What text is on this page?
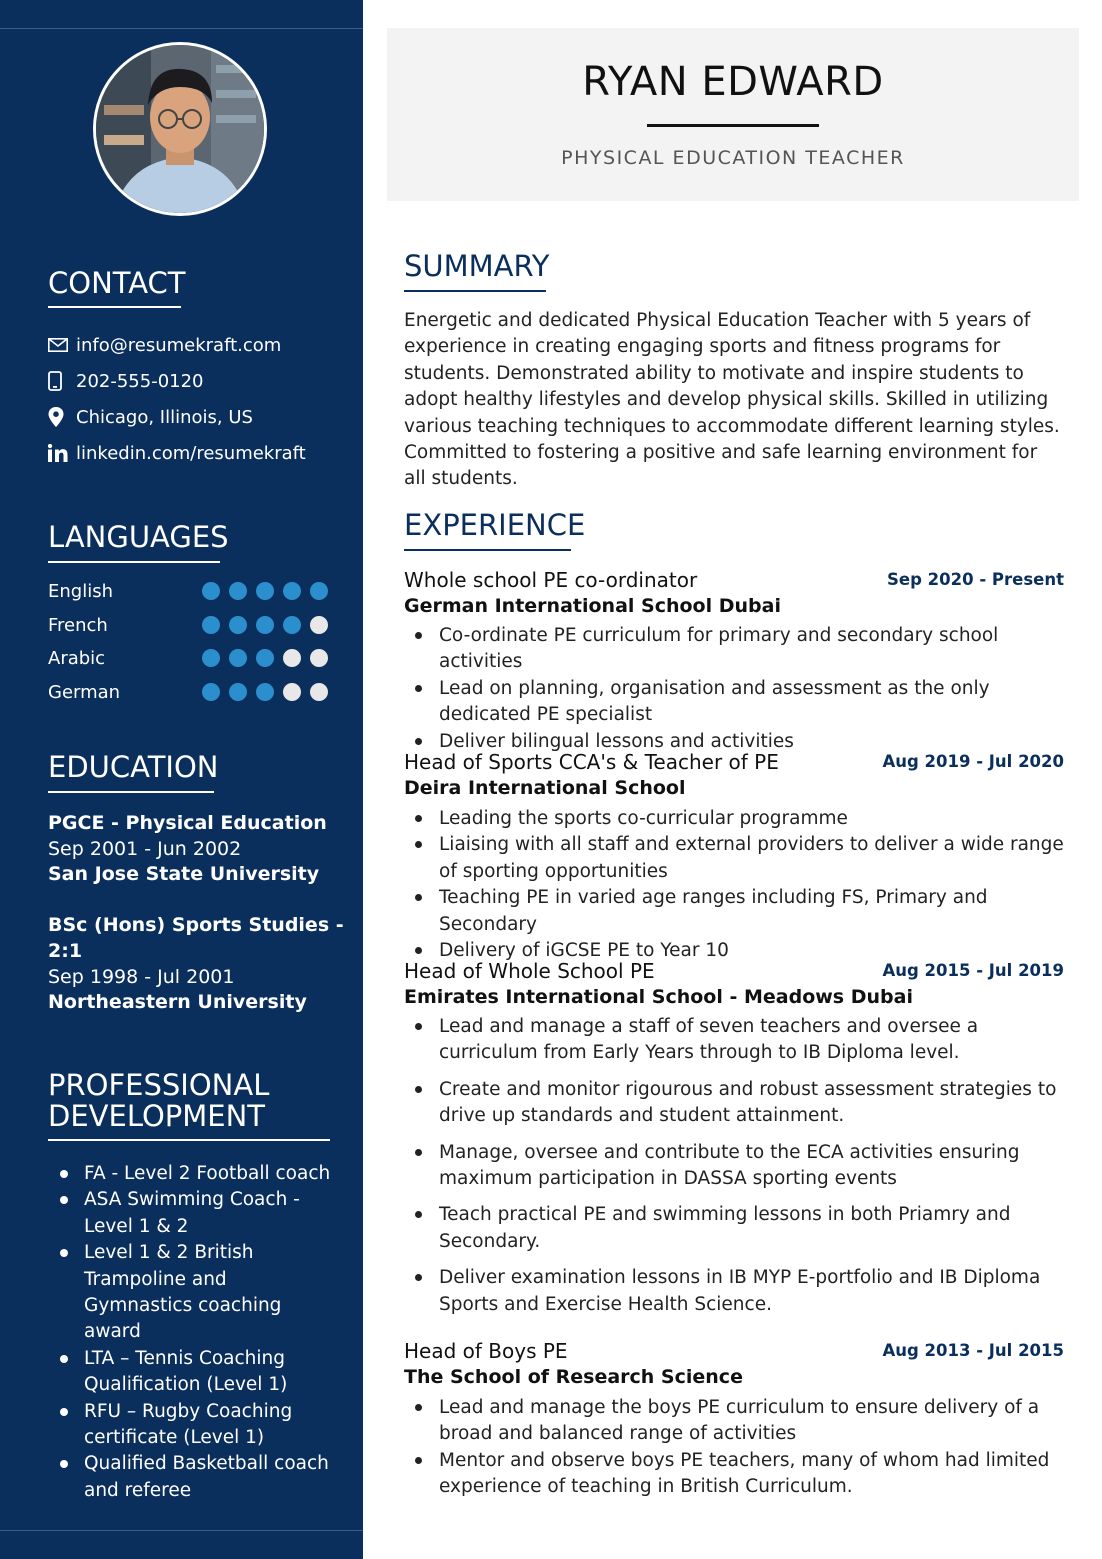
CONTACT
info@resumekraft.com
202-555-0120
Chicago, Illinois, US
linkedin.com/resumekraft
LANGUAGES
English
French
Arabic
German
EDUCATION
PGCE - Physical Education
Sep 2001 - Jun 2002
San Jose State University
BSc (Hons) Sports Studies -
2:1
Sep 1998 - Jul 2001
Northeastern University
PROFESSIONAL
DEVELOPMENT
FA - Level 2 Football coach
ASA Swimming Coach - Level 1 & 2
Level 1 & 2 British Trampoline and Gymnastics coaching award
LTA – Tennis Coaching Qualification (Level 1)
RFU – Rugby Coaching certificate (Level 1)
Qualified Basketball coach and referee
RYAN EDWARD
PHYSICAL EDUCATION TEACHER
SUMMARY

Energetic and dedicated Physical Education Teacher with 5 years of experience in creating engaging sports and fitness programs for students. Demonstrated ability to motivate and inspire students to adopt healthy lifestyles and develop physical skills. Skilled in utilizing various teaching techniques to accommodate different learning styles. Committed to fostering a positive and safe learning environment for all students.

EXPERIENCE
Whole school PE co-ordinator	Sep 2020 - Present
German International School Dubai
Co-ordinate PE curriculum for primary and secondary school activities
Lead on planning, organisation and assessment as the only dedicated PE specialist
Deliver bilingual lessons and activities
Head of Sports CCA's & Teacher of PE	Aug 2019 - Jul 2020
Deira International School
Leading the sports co-curricular programme
Liaising with all staff and external providers to deliver a wide range of sporting opportunities
Teaching PE in varied age ranges including FS, Primary and Secondary
Delivery of iGCSE PE to Year 10
Head of Whole School PE	Aug 2015 - Jul 2019
Emirates International School - Meadows Dubai
Lead and manage a staff of seven teachers and oversee a curriculum from Early Years through to IB Diploma level.
Create and monitor rigourous and robust assessment strategies to drive up standards and student attainment.
Manage, oversee and contribute to the ECA activities ensuring maximum participation in DASSA sporting events
Teach practical PE and swimming lessons in both Priamry and Secondary.
Deliver examination lessons in IB MYP E-portfolio and IB Diploma Sports and Exercise Health Science.
Head of Boys PE	Aug 2013 - Jul 2015
The School of Research Science
Lead and manage the boys PE curriculum to ensure delivery of a broad and balanced range of activities
Mentor and observe boys PE teachers, many of whom had limited experience of teaching in British Curriculum.
